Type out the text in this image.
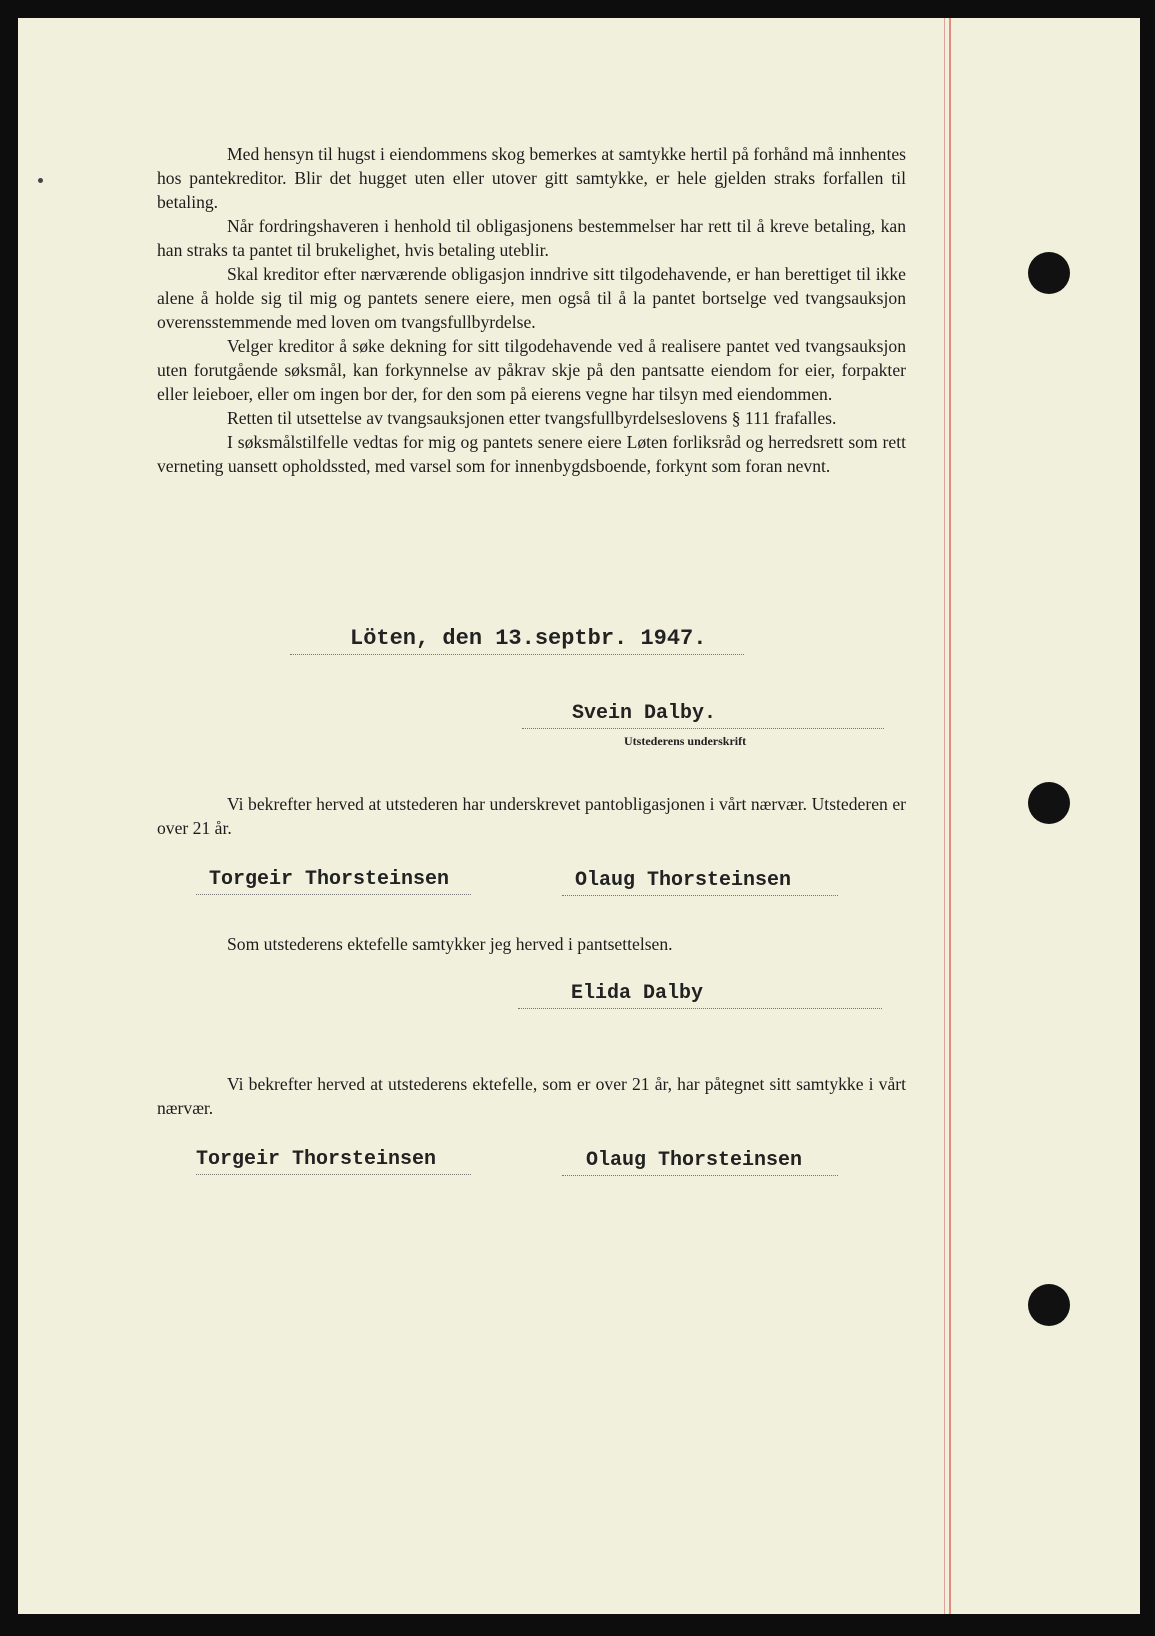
Med hensyn til hugst i eiendommens skog bemerkes at samtykke hertil på forhånd må innhentes hos pantekreditor. Blir det hugget uten eller utover gitt samtykke, er hele gjelden straks forfallen til betaling.

Når fordringshaveren i henhold til obligasjonens bestemmelser har rett til å kreve betaling, kan han straks ta pantet til brukelighet, hvis betaling uteblir.

Skal kreditor efter nærværende obligasjon inndrive sitt tilgodehavende, er han berettiget til ikke alene å holde sig til mig og pantets senere eiere, men også til å la pantet bortselge ved tvangsauksjon overensstemmende med loven om tvangsfullbyrdelse.

Velger kreditor å søke dekning for sitt tilgodehavende ved å realisere pantet ved tvangsauksjon uten forutgående søksmål, kan forkynnelse av påkrav skje på den pantsatte eiendom for eier, forpakter eller leieboer, eller om ingen bor der, for den som på eierens vegne har tilsyn med eiendommen.

Retten til utsettelse av tvangsauksjonen etter tvangsfullbyrdelseslovens § 111 frafalles.

I søksmålstilfelle vedtas for mig og pantets senere eiere Løten forliksråd og herredsrett som rett verneting uansett opholdssted, med varsel som for innenbygdsboende, forkynt som foran nevnt.

Löten, den 13.septbr. 1947.
Svein Dalby.
Utstederens underskrift

Vi bekrefter herved at utstederen har underskrevet pantobligasjonen i vårt nærvær. Utstederen er over 21 år.

Torgeir Thorsteinsen	Olaug Thorsteinsen

Som utstederens ektefelle samtykker jeg herved i pantsettelsen.

Elida Dalby

Vi bekrefter herved at utstederens ektefelle, som er over 21 år, har påtegnet sitt samtykke i vårt nærvær.

Torgeir Thorsteinsen	Olaug Thorsteinsen
